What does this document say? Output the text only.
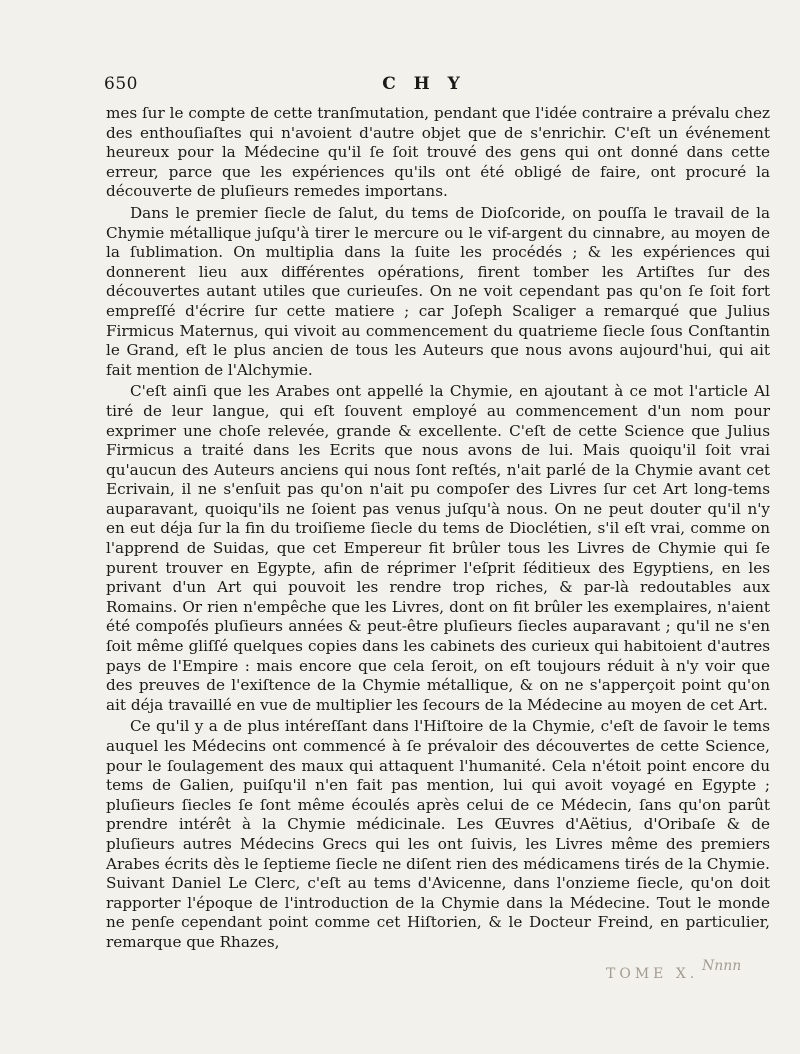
650	C H Y

mes ſur le compte de cette tranſmutation, pendant que l'idée contraire a prévalu chez des enthouſiaſtes qui n'avoient d'autre objet que de s'enrichir. C'eſt un événement heureux pour la Médecine qu'il ſe ſoit trouvé des gens qui ont donné dans cette erreur, parce que les expériences qu'ils ont été obligé de faire, ont procuré la découverte de pluſieurs remedes importans.

Dans le premier ſiecle de ſalut, du tems de Dioſcoride, on pouſſa le travail de la Chymie métallique juſqu'à tirer le mercure ou le vif-argent du cinnabre, au moyen de la ſublimation. On multiplia dans la ſuite les procédés ; & les expériences qui donnerent lieu aux différentes opérations, firent tomber les Artiſtes ſur des découvertes autant utiles que curieuſes. On ne voit cependant pas qu'on ſe ſoit fort empreſſé d'écrire ſur cette matiere ; car Joſeph Scaliger a remarqué que Julius Firmicus Maternus, qui vivoit au commencement du quatrieme ſiecle ſous Conſtantin le Grand, eſt le plus ancien de tous les Auteurs que nous avons aujourd'hui, qui ait fait mention de l'Alchymie.

C'eſt ainſi que les Arabes ont appellé la Chymie, en ajoutant à ce mot l'article Al tiré de leur langue, qui eſt ſouvent employé au commencement d'un nom pour exprimer une choſe relevée, grande & excellente. C'eſt de cette Science que Julius Firmicus a traité dans les Ecrits que nous avons de lui. Mais quoiqu'il ſoit vrai qu'aucun des Auteurs anciens qui nous ſont reſtés, n'ait parlé de la Chymie avant cet Ecrivain, il ne s'enſuit pas qu'on n'ait pu compoſer des Livres ſur cet Art long-tems auparavant, quoiqu'ils ne ſoient pas venus juſqu'à nous. On ne peut douter qu'il n'y en eut déja ſur la fin du troiſieme ſiecle du tems de Dioclétien, s'il eſt vrai, comme on l'apprend de Suidas, que cet Empereur fit brûler tous les Livres de Chymie qui ſe purent trouver en Egypte, afin de réprimer l'eſprit ſéditieux des Egyptiens, en les privant d'un Art qui pouvoit les rendre trop riches, & par-là redoutables aux Romains. Or rien n'empêche que les Livres, dont on fit brûler les exemplaires, n'aient été compoſés pluſieurs années & peut-être pluſieurs ſiecles auparavant ; qu'il ne s'en ſoit même gliſſé quelques copies dans les cabinets des curieux qui habitoient d'autres pays de l'Empire : mais encore que cela ſeroit, on eſt toujours réduit à n'y voir que des preuves de l'exiſtence de la Chymie métallique, & on ne s'apperçoit point qu'on ait déja travaillé en vue de multiplier les ſecours de la Médecine au moyen de cet Art.

Ce qu'il y a de plus intéreſſant dans l'Hiſtoire de la Chymie, c'eſt de ſavoir le tems auquel les Médecins ont commencé à ſe prévaloir des découvertes de cette Science, pour le ſoulagement des maux qui attaquent l'humanité. Cela n'étoit point encore du tems de Galien, puiſqu'il n'en fait pas mention, lui qui avoit voyagé en Egypte ; pluſieurs ſiecles ſe ſont même écoulés après celui de ce Médecin, ſans qu'on parût prendre intérêt à la Chymie médicinale. Les Œuvres d'Aëtius, d'Oribaſe & de pluſieurs autres Médecins Grecs qui les ont ſuivis, les Livres même des premiers Arabes écrits dès le ſeptieme ſiecle ne diſent rien des médicamens tirés de la Chymie. Suivant Daniel Le Clerc, c'eſt au tems d'Avicenne, dans l'onzieme ſiecle, qu'on doit rapporter l'époque de l'introduction de la Chymie dans la Médecine. Tout le monde ne penſe cependant point comme cet Hiſtorien, & le Docteur Freind, en particulier, remarque que Rhazes,

TOME X. Nnnn
